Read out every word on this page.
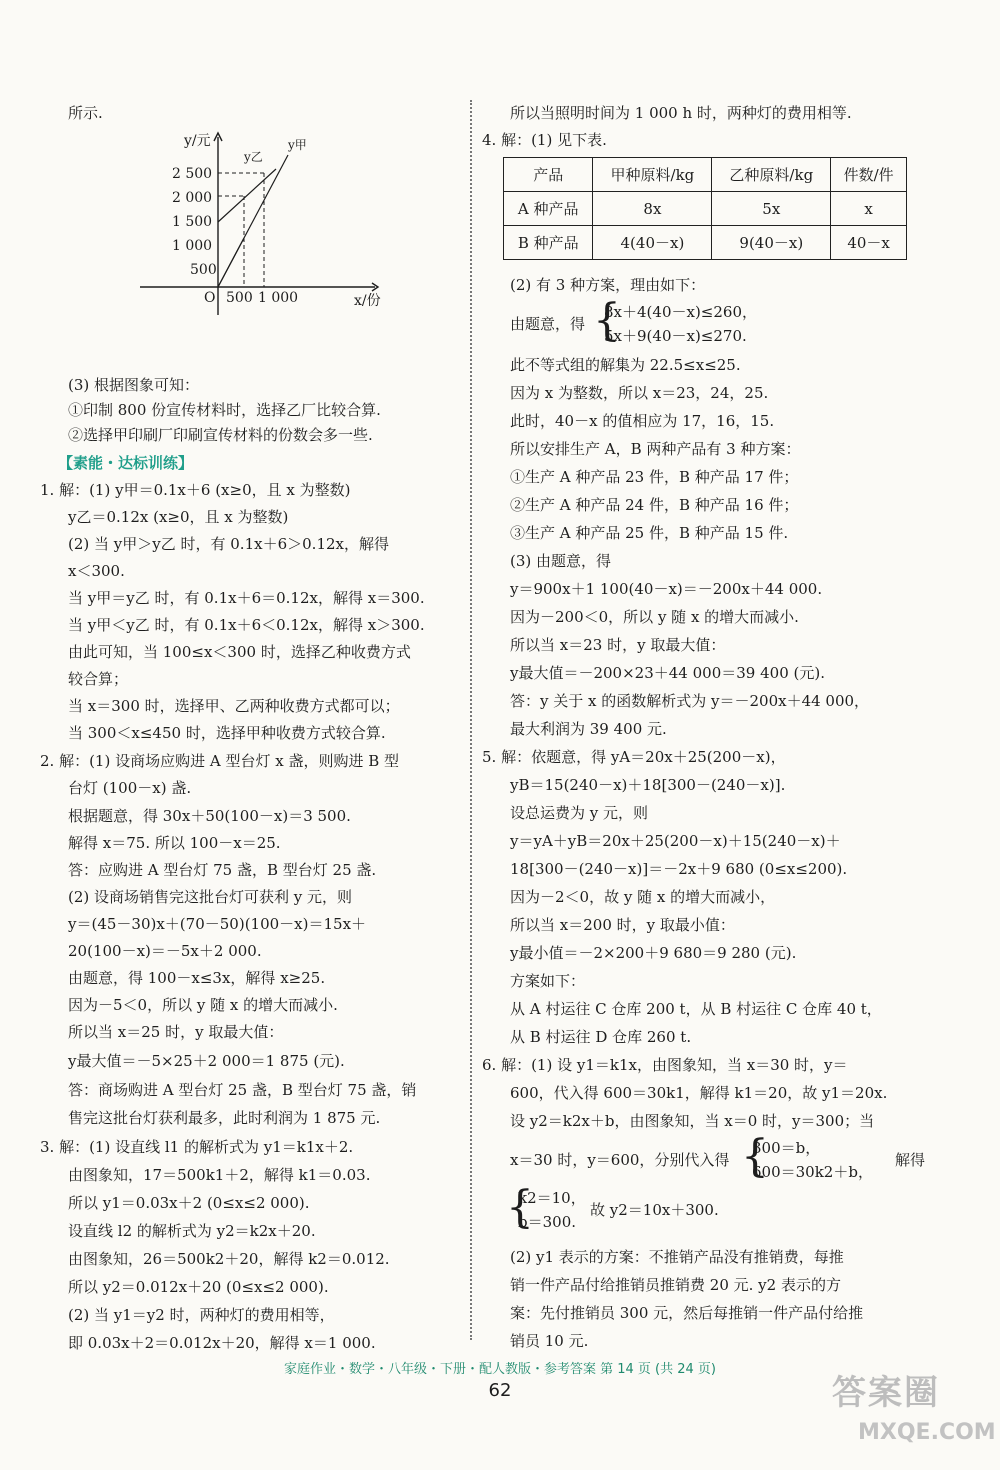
y/元
x/份
O
2 500
2 000
1 500
1 000
500
500 1 000
y乙
y甲
所示.
(3) 根据图象可知：
①印制 800 份宣传材料时，选择乙厂比较合算.
②选择甲印刷厂印刷宣传材料的份数会多一些.
【素能・达标训练】
1. 解：(1) y甲＝0.1x＋6 (x≥0，且 x 为整数)
y乙＝0.12x (x≥0，且 x 为整数)
(2) 当 y甲＞y乙 时，有 0.1x＋6＞0.12x，解得
x＜300.
当 y甲＝y乙 时，有 0.1x＋6＝0.12x，解得 x＝300.
当 y甲＜y乙 时，有 0.1x＋6＜0.12x，解得 x＞300.
由此可知，当 100≤x＜300 时，选择乙种收费方式
较合算；
当 x＝300 时，选择甲、乙两种收费方式都可以；
当 300＜x≤450 时，选择甲种收费方式较合算.
2. 解：(1) 设商场应购进 A 型台灯 x 盏，则购进 B 型
台灯 (100－x) 盏.
根据题意，得 30x＋50(100－x)＝3 500.
解得 x＝75. 所以 100－x＝25.
答：应购进 A 型台灯 75 盏，B 型台灯 25 盏.
(2) 设商场销售完这批台灯可获利 y 元，则
y＝(45－30)x＋(70－50)(100－x)＝15x＋
20(100－x)＝－5x＋2 000.
由题意，得 100－x≤3x，解得 x≥25.
因为－5＜0，所以 y 随 x 的增大而减小.
所以当 x＝25 时，y 取最大值：
y最大值＝－5×25＋2 000＝1 875 (元).
答：商场购进 A 型台灯 25 盏，B 型台灯 75 盏，销
售完这批台灯获利最多，此时利润为 1 875 元.
3. 解：(1) 设直线 l1 的解析式为 y1＝k1x＋2.
由图象知，17＝500k1＋2，解得 k1＝0.03.
所以 y1＝0.03x＋2 (0≤x≤2 000).
设直线 l2 的解析式为 y2＝k2x＋20.
由图象知，26＝500k2＋20，解得 k2＝0.012.
所以 y2＝0.012x＋20 (0≤x≤2 000).
(2) 当 y1＝y2 时，两种灯的费用相等，
即 0.03x＋2＝0.012x＋20，解得 x＝1 000.
所以当照明时间为 1 000 h 时，两种灯的费用相等.
4. 解：(1) 见下表.
(2) 有 3 种方案，理由如下：
由题意，得
8x＋4(40－x)≤260，
5x＋9(40－x)≤270.
此不等式组的解集为 22.5≤x≤25.
因为 x 为整数，所以 x＝23，24，25.
此时，40－x 的值相应为 17，16，15.
所以安排生产 A，B 两种产品有 3 种方案：
①生产 A 种产品 23 件，B 种产品 17 件；
②生产 A 种产品 24 件，B 种产品 16 件；
③生产 A 种产品 25 件，B 种产品 15 件.
(3) 由题意，得
y＝900x＋1 100(40－x)＝－200x＋44 000.
因为－200＜0，所以 y 随 x 的增大而减小.
所以当 x＝23 时，y 取最大值：
y最大值＝－200×23＋44 000＝39 400 (元).
答：y 关于 x 的函数解析式为 y＝－200x＋44 000，
最大利润为 39 400 元.
5. 解：依题意，得 yA＝20x＋25(200－x)，
yB＝15(240－x)＋18[300－(240－x)].
设总运费为 y 元，则
y＝yA＋yB＝20x＋25(200－x)＋15(240－x)＋
18[300－(240－x)]＝－2x＋9 680 (0≤x≤200).
因为－2＜0，故 y 随 x 的增大而减小，
所以当 x＝200 时，y 取最小值：
y最小值＝－2×200＋9 680＝9 280 (元).
方案如下：
从 A 村运往 C 仓库 200 t，从 B 村运往 C 仓库 40 t，
从 B 村运往 D 仓库 260 t.
6. 解：(1) 设 y1＝k1x，由图象知，当 x＝30 时，y＝
600，代入得 600＝30k1，解得 k1＝20，故 y1＝20x.
设 y2＝k2x＋b，由图象知，当 x＝0 时，y＝300；当
x＝30 时，y＝600，分别代入得
300＝b，
600＝30k2＋b，
解得
k2＝10，
b＝300.
故 y2＝10x＋300.
(2) y1 表示的方案：不推销产品没有推销费，每推
销一件产品付给推销员推销费 20 元. y2 表示的方
案：先付推销员 300 元，然后每推销一件产品付给推
销员 10 元.
{
{
{
产品	甲种原料/kg	乙种原料/kg	件数/件
A 种产品	8x	5x	x
B 种产品	4(40－x)	9(40－x)	40－x
家庭作业・数学・八年级・下册・配人教版・参考答案 第 14 页 (共 24 页)
62	答案圈
MXQE.COM
